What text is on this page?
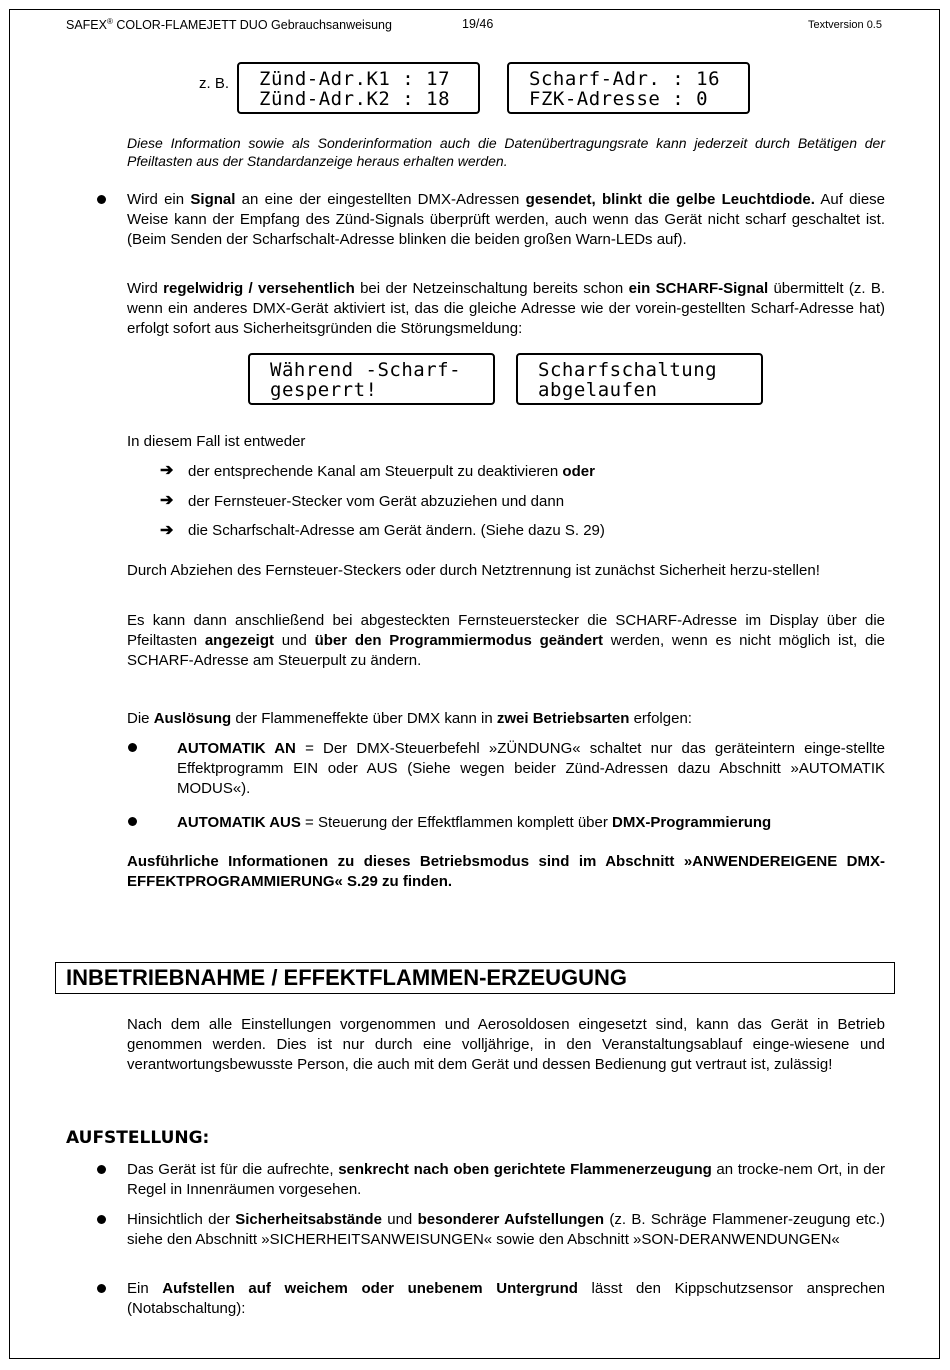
SAFEX® COLOR-FLAMEJETT DUO Gebrauchsanweisung	19/46	Textversion 0.5
z. B. Zünd-Adr.K1 : 17
Zünd-Adr.K2 : 18
Scharf-Adr. : 16
FZK-Adresse : 0
Diese Information sowie als Sonderinformation auch die Datenübertragungsrate kann jederzeit durch Betätigen der Pfeiltasten aus der Standardanzeige heraus erhalten werden.
Wird ein Signal an eine der eingestellten DMX-Adressen gesendet, blinkt die gelbe Leuchtdiode. Auf diese Weise kann der Empfang des Zünd-Signals überprüft werden, auch wenn das Gerät nicht scharf geschaltet ist. (Beim Senden der Scharfschalt-Adresse blinken die beiden großen Warn-LEDs auf).
Wird regelwidrig / versehentlich bei der Netzeinschaltung bereits schon ein SCHARF-Signal übermittelt (z. B. wenn ein anderes DMX-Gerät aktiviert ist, das die gleiche Adresse wie der vorein-gestellten Scharf-Adresse hat) erfolgt sofort aus Sicherheitsgründen die Störungsmeldung:
Während -Scharf-
gesperrt!
Scharfschaltung
abgelaufen
In diesem Fall ist entweder
➔ der entsprechende Kanal am Steuerpult zu deaktivieren oder
➔ der Fernsteuer-Stecker vom Gerät abzuziehen und dann
➔ die Scharfschalt-Adresse am Gerät ändern. (Siehe dazu S. 29)
Durch Abziehen des Fernsteuer-Steckers oder durch Netztrennung ist zunächst Sicherheit herzu-stellen!
Es kann dann anschließend bei abgesteckten Fernsteuerstecker die SCHARF-Adresse im Display über die Pfeiltasten angezeigt und über den Programmiermodus geändert werden, wenn es nicht möglich ist, die SCHARF-Adresse am Steuerpult zu ändern.
Die Auslösung der Flammeneffekte über DMX kann in zwei Betriebsarten erfolgen:
AUTOMATIK AN = Der DMX-Steuerbefehl »ZÜNDUNG« schaltet nur das geräteintern einge-stellte Effektprogramm EIN oder AUS (Siehe wegen beider Zünd-Adressen dazu Abschnitt »AUTOMATIK MODUS«).
AUTOMATIK AUS = Steuerung der Effektflammen komplett über DMX-Programmierung
Ausführliche Informationen zu dieses Betriebsmodus sind im Abschnitt »ANWENDEREIGENE DMX-EFFEKTPROGRAMMIERUNG« S.29 zu finden.
INBETRIEBNAHME / EFFEKTFLAMMEN-ERZEUGUNG
Nach dem alle Einstellungen vorgenommen und Aerosoldosen eingesetzt sind, kann das Gerät in Betrieb genommen werden. Dies ist nur durch eine volljährige, in den Veranstaltungsablauf einge-wiesene und verantwortungsbewusste Person, die auch mit dem Gerät und dessen Bedienung gut vertraut ist, zulässig!
AUFSTELLUNG:
Das Gerät ist für die aufrechte, senkrecht nach oben gerichtete Flammenerzeugung an trocke-nem Ort, in der Regel in Innenräumen vorgesehen.
Hinsichtlich der Sicherheitsabstände und besonderer Aufstellungen (z. B. Schräge Flammener-zeugung etc.) siehe den Abschnitt »SICHERHEITSANWEISUNGEN« sowie den Abschnitt »SON-DERANWENDUNGEN«
Ein Aufstellen auf weichem oder unebenem Untergrund lässt den Kippschutzsensor ansprechen (Notabschaltung):
